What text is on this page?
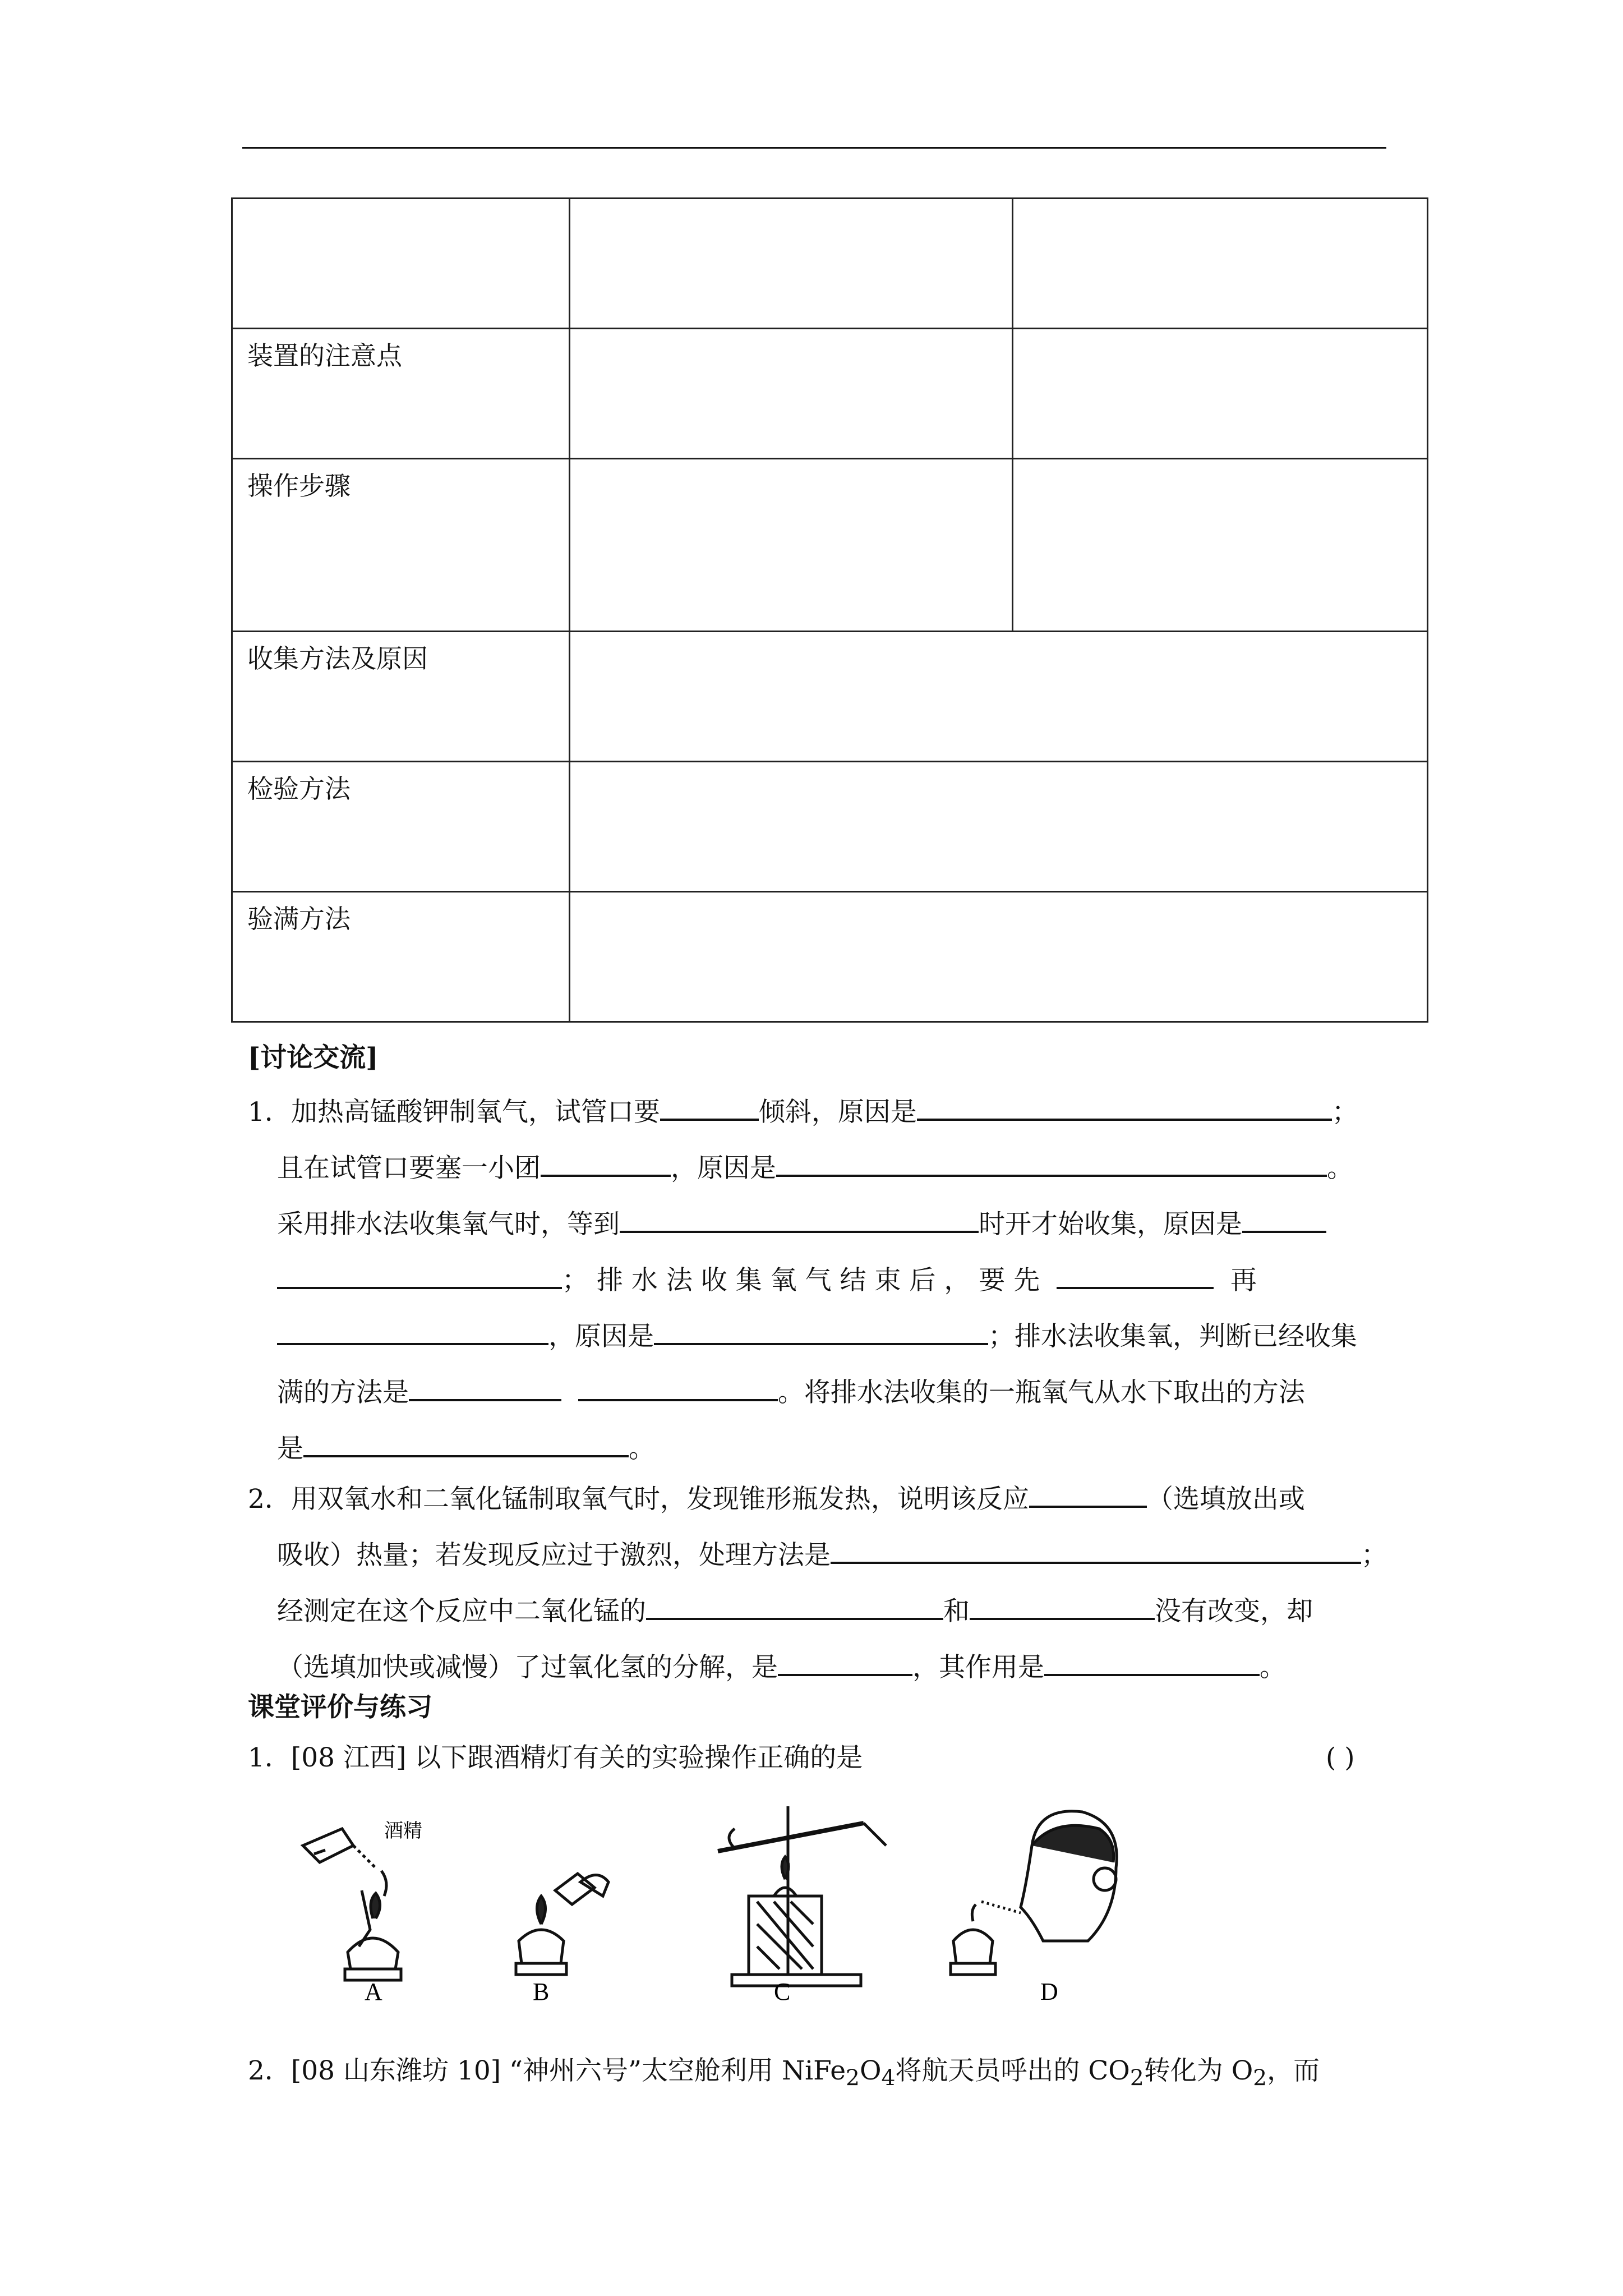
装置的注意点		
操作步骤		
收集方法及原因		
检验方法		
验满方法		
[讨论交流]
1．加热高锰酸钾制氧气，试管口要	倾斜，原因是	；
且在试管口要塞一小团	，原因是	。
采用排水法收集氧气时，等到	时开才始收集，原因是
； 排 水 法 收 集 氧 气 结 束 后 ， 要 先	再
，原因是	；排水法收集氧，判断已经收集
满的方法是	。将排水法收集的一瓶氧气从水下取出的方法
是	。
2．用双氧水和二氧化锰制取氧气时，发现锥形瓶发热，说明该反应	（选填放出或
吸收）热量；若发现反应过于激烈，处理方法是	；
经测定在这个反应中二氧化锰的	和	没有改变，却
（选填加快或减慢）了过氧化氢的分解，是	，其作用是	。
课堂评价与练习
1．[08 江西] 以下跟酒精灯有关的实验操作正确的是	( )
酒精
A	B	C	D
2．[08 山东潍坊 10] “神州六号”太空舱利用 $NiFe_2O_4$将航天员呼出的 $CO_2$转化为 $O_2$，而
